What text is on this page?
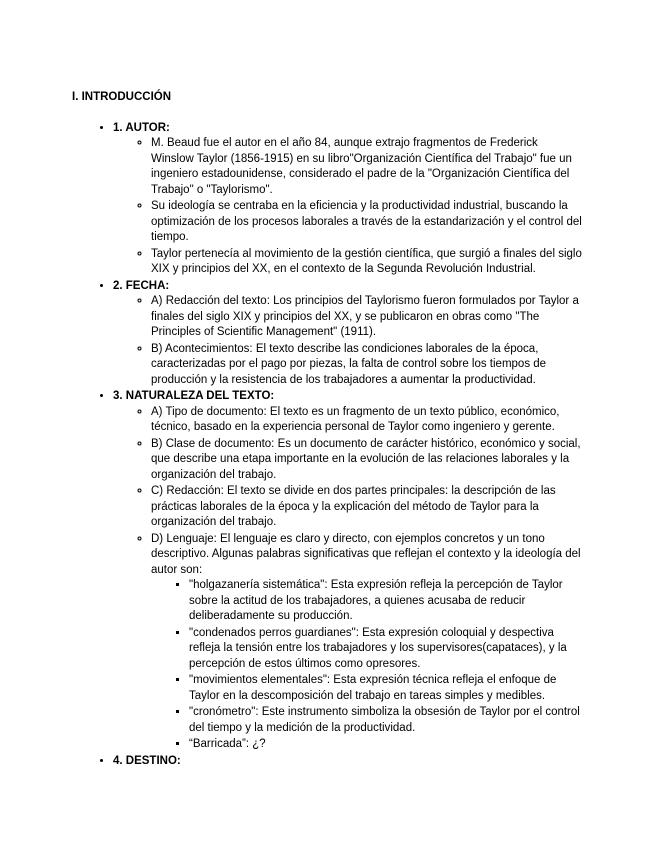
I. INTRODUCCIÓN

• 1. AUTOR:
◦ M. Beaud fue el autor en el año 84, aunque extrajo fragmentos de Frederick Winslow Taylor (1856-1915) en su libro"Organización Científica del Trabajo" fue un ingeniero estadounidense, considerado el padre de la "Organización Científica del Trabajo" o "Taylorismo".
◦ Su ideología se centraba en la eficiencia y la productividad industrial, buscando la optimización de los procesos laborales a través de la estandarización y el control del tiempo.
◦ Taylor pertenecía al movimiento de la gestión científica, que surgió a finales del siglo XIX y principios del XX, en el contexto de la Segunda Revolución Industrial.
• 2. FECHA:
◦ A) Redacción del texto: Los principios del Taylorismo fueron formulados por Taylor a finales del siglo XIX y principios del XX, y se publicaron en obras como "The Principles of Scientific Management" (1911).
◦ B) Acontecimientos: El texto describe las condiciones laborales de la época, caracterizadas por el pago por piezas, la falta de control sobre los tiempos de producción y la resistencia de los trabajadores a aumentar la productividad.
• 3. NATURALEZA DEL TEXTO:
◦ A) Tipo de documento: El texto es un fragmento de un texto público, económico, técnico, basado en la experiencia personal de Taylor como ingeniero y gerente.
◦ B) Clase de documento: Es un documento de carácter histórico, económico y social, que describe una etapa importante en la evolución de las relaciones laborales y la organización del trabajo.
◦ C) Redacción: El texto se divide en dos partes principales: la descripción de las prácticas laborales de la época y la explicación del método de Taylor para la organización del trabajo.
◦ D) Lenguaje: El lenguaje es claro y directo, con ejemplos concretos y un tono descriptivo. Algunas palabras significativas que reflejan el contexto y la ideología del autor son:
▪ "holgazanería sistemática": Esta expresión refleja la percepción de Taylor sobre la actitud de los trabajadores, a quienes acusaba de reducir deliberadamente su producción.
▪ "condenados perros guardianes": Esta expresión coloquial y despectiva refleja la tensión entre los trabajadores y los supervisores(capataces), y la percepción de estos últimos como opresores.
▪ "movimientos elementales": Esta expresión técnica refleja el enfoque de Taylor en la descomposición del trabajo en tareas simples y medibles.
▪ "cronómetro": Este instrumento simboliza la obsesión de Taylor por el control del tiempo y la medición de la productividad.
▪ “Barricada”: ¿?
• 4. DESTINO:
